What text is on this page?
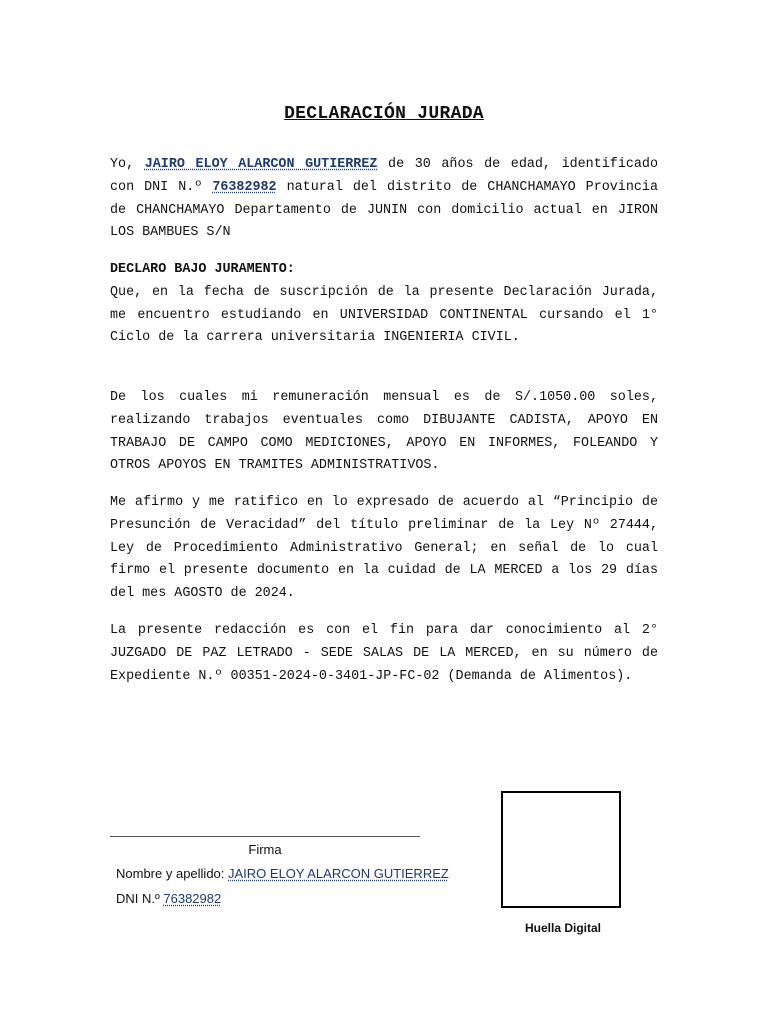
DECLARACIÓN JURADA

Yo, JAIRO ELOY ALARCON GUTIERREZ de 30 años de edad, identificado con DNI N.º 76382982 natural del distrito de CHANCHAMAYO Provincia de CHANCHAMAYO Departamento de JUNIN con domicilio actual en JIRON LOS BAMBUES S/N

DECLARO BAJO JURAMENTO:
Que, en la fecha de suscripción de la presente Declaración Jurada, me encuentro estudiando en UNIVERSIDAD CONTINENTAL cursando el 1° Ciclo de la carrera universitaria INGENIERIA CIVIL.

De los cuales mi remuneración mensual es de S/.1050.00 soles, realizando trabajos eventuales como DIBUJANTE CADISTA, APOYO EN TRABAJO DE CAMPO COMO MEDICIONES, APOYO EN INFORMES, FOLEANDO Y OTROS APOYOS EN TRAMITES ADMINISTRATIVOS.

Me afirmo y me ratifico en lo expresado de acuerdo al “Principio de Presunción de Veracidad” del título preliminar de la Ley Nº 27444, Ley de Procedimiento Administrativo General; en señal de lo cual firmo el presente documento en la cuidad de LA MERCED a los 29 días del mes AGOSTO de 2024.

La presente redacción es con el fin para dar conocimiento al 2° JUZGADO DE PAZ LETRADO - SEDE SALAS DE LA MERCED, en su número de Expediente N.º 00351-2024-0-3401-JP-FC-02 (Demanda de Alimentos).

Firma
Nombre y apellido: JAIRO ELOY ALARCON GUTIERREZ
DNI N.º 76382982
Huella Digital
